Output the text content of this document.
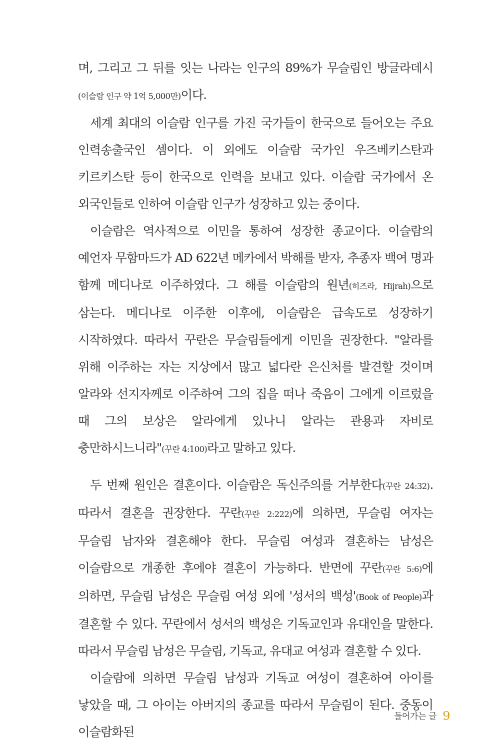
며, 그리고 그 뒤를 잇는 나라는 인구의 89%가 무슬림인 방글라데시(이슬람 인구 약 1억 5,000만)이다.

세계 최대의 이슬람 인구를 가진 국가들이 한국으로 들어오는 주요 인력송출국인 셈이다. 이 외에도 이슬람 국가인 우즈베키스탄과 키르키스탄 등이 한국으로 인력을 보내고 있다. 이슬람 국가에서 온 외국인들로 인하여 이슬람 인구가 성장하고 있는 중이다.

이슬람은 역사적으로 이민을 통하여 성장한 종교이다. 이슬람의 예언자 무함마드가 AD 622년 메카에서 박해를 받자, 추종자 백여 명과 함께 메디나로 이주하였다. 그 해를 이슬람의 원년(히즈라, Hijrah)으로 삼는다. 메디나로 이주한 이후에, 이슬람은 급속도로 성장하기 시작하였다. 따라서 꾸란은 무슬림들에게 이민을 권장한다. "알라를 위해 이주하는 자는 지상에서 많고 넓다란 은신처를 발견할 것이며 알라와 선지자께로 이주하여 그의 집을 떠나 죽음이 그에게 이르렀을 때 그의 보상은 알라에게 있나니 알라는 관용과 자비로 충만하시느니라"(꾸란 4:100)라고 말하고 있다.

두 번째 원인은 결혼이다. 이슬람은 독신주의를 거부한다(꾸란 24:32). 따라서 결혼을 권장한다. 꾸란(꾸란 2:222)에 의하면, 무슬림 여자는 무슬림 남자와 결혼해야 한다. 무슬림 여성과 결혼하는 남성은 이슬람으로 개종한 후에야 결혼이 가능하다. 반면에 꾸란(꾸란 5:6)에 의하면, 무슬림 남성은 무슬림 여성 외에 '성서의 백성'(Book of People)과 결혼할 수 있다. 꾸란에서 성서의 백성은 기독교인과 유대인을 말한다. 따라서 무슬림 남성은 무슬림, 기독교, 유대교 여성과 결혼할 수 있다.

이슬람에 의하면 무슬림 남성과 기독교 여성이 결혼하여 아이를 낳았을 때, 그 아이는 아버지의 종교를 따라서 무슬림이 된다. 중동이 이슬람화된

들어가는 글 9
